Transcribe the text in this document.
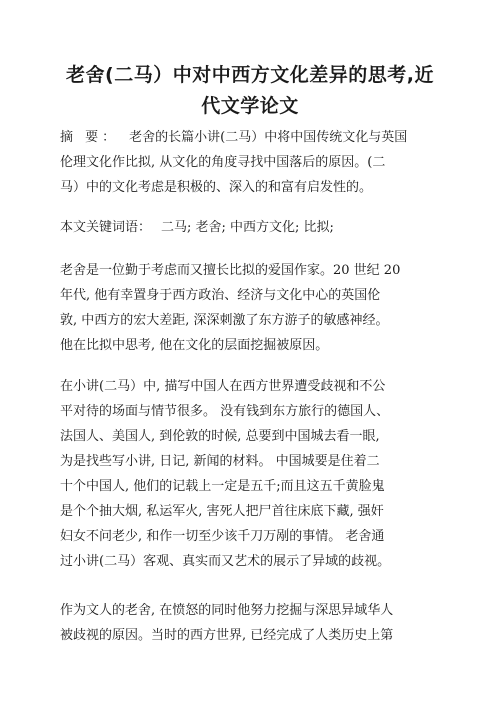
老舍(二马）中对中西方文化差异的思考,近
代文学论文
摘 要： 老舍的长篇小讲(二马）中将中国传统文化与英国
伦理文化作比拟, 从文化的角度寻找中国落后的原因。(二
马）中的文化考虑是积极的、深入的和富有启发性的。
本文关键词语： 二马; 老舍; 中西方文化; 比拟;
老舍是一位勤于考虑而又擅长比拟的爱国作家。20 世纪 20
年代, 他有幸置身于西方政治、经济与文化中心的英国伦
敦, 中西方的宏大差距, 深深刺激了东方游子的敏感神经。
他在比拟中思考, 他在文化的层面挖掘被原因。
在小讲(二马）中, 描写中国人在西方世界遭受歧视和不公
平对待的场面与情节很多。 没有钱到东方旅行的德国人、
法国人、美国人, 到伦敦的时候, 总要到中国城去看一眼,
为是找些写小讲, 日记, 新闻的材料。 中国城要是住着二
十个中国人, 他们的记载上一定是五千;而且这五千黄脸鬼
是个个抽大烟, 私运军火, 害死人把尸首往床底下藏, 强奸
妇女不问老少, 和作一切至少该千刀万剐的事情。 老舍通
过小讲(二马）客观、真实而又艺术的展示了异域的歧视。
作为文人的老舍, 在愤怒的同时他努力挖掘与深思异域华人
被歧视的原因。当时的西方世界, 已经完成了人类历史上第
